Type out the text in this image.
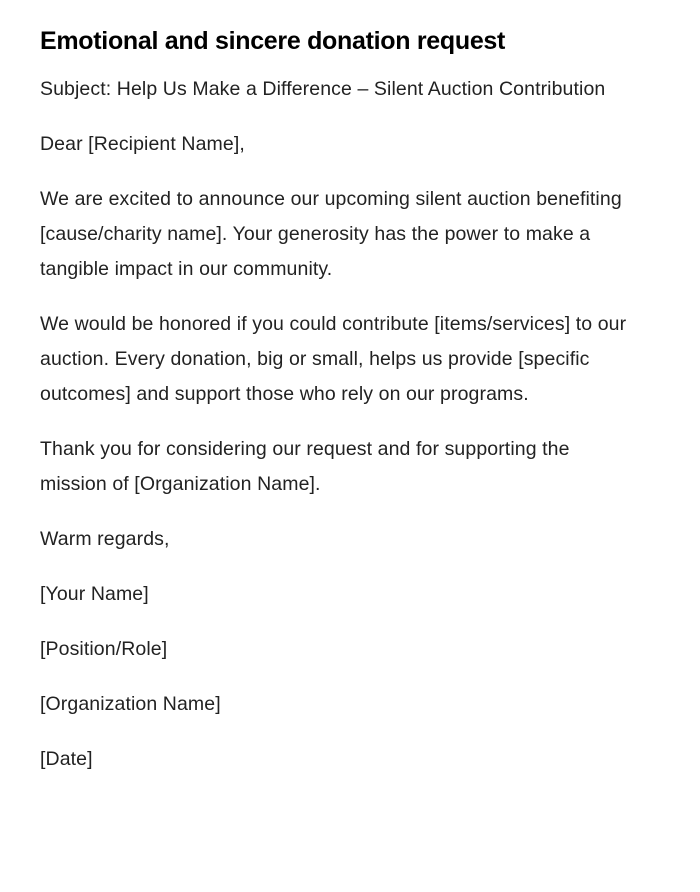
Emotional and sincere donation request

Subject: Help Us Make a Difference – Silent Auction Contribution

Dear [Recipient Name],

We are excited to announce our upcoming silent auction benefiting [cause/charity name]. Your generosity has the power to make a tangible impact in our community.

We would be honored if you could contribute [items/services] to our auction. Every donation, big or small, helps us provide [specific outcomes] and support those who rely on our programs.

Thank you for considering our request and for supporting the mission of [Organization Name].

Warm regards,

[Your Name]

[Position/Role]

[Organization Name]

[Date]
